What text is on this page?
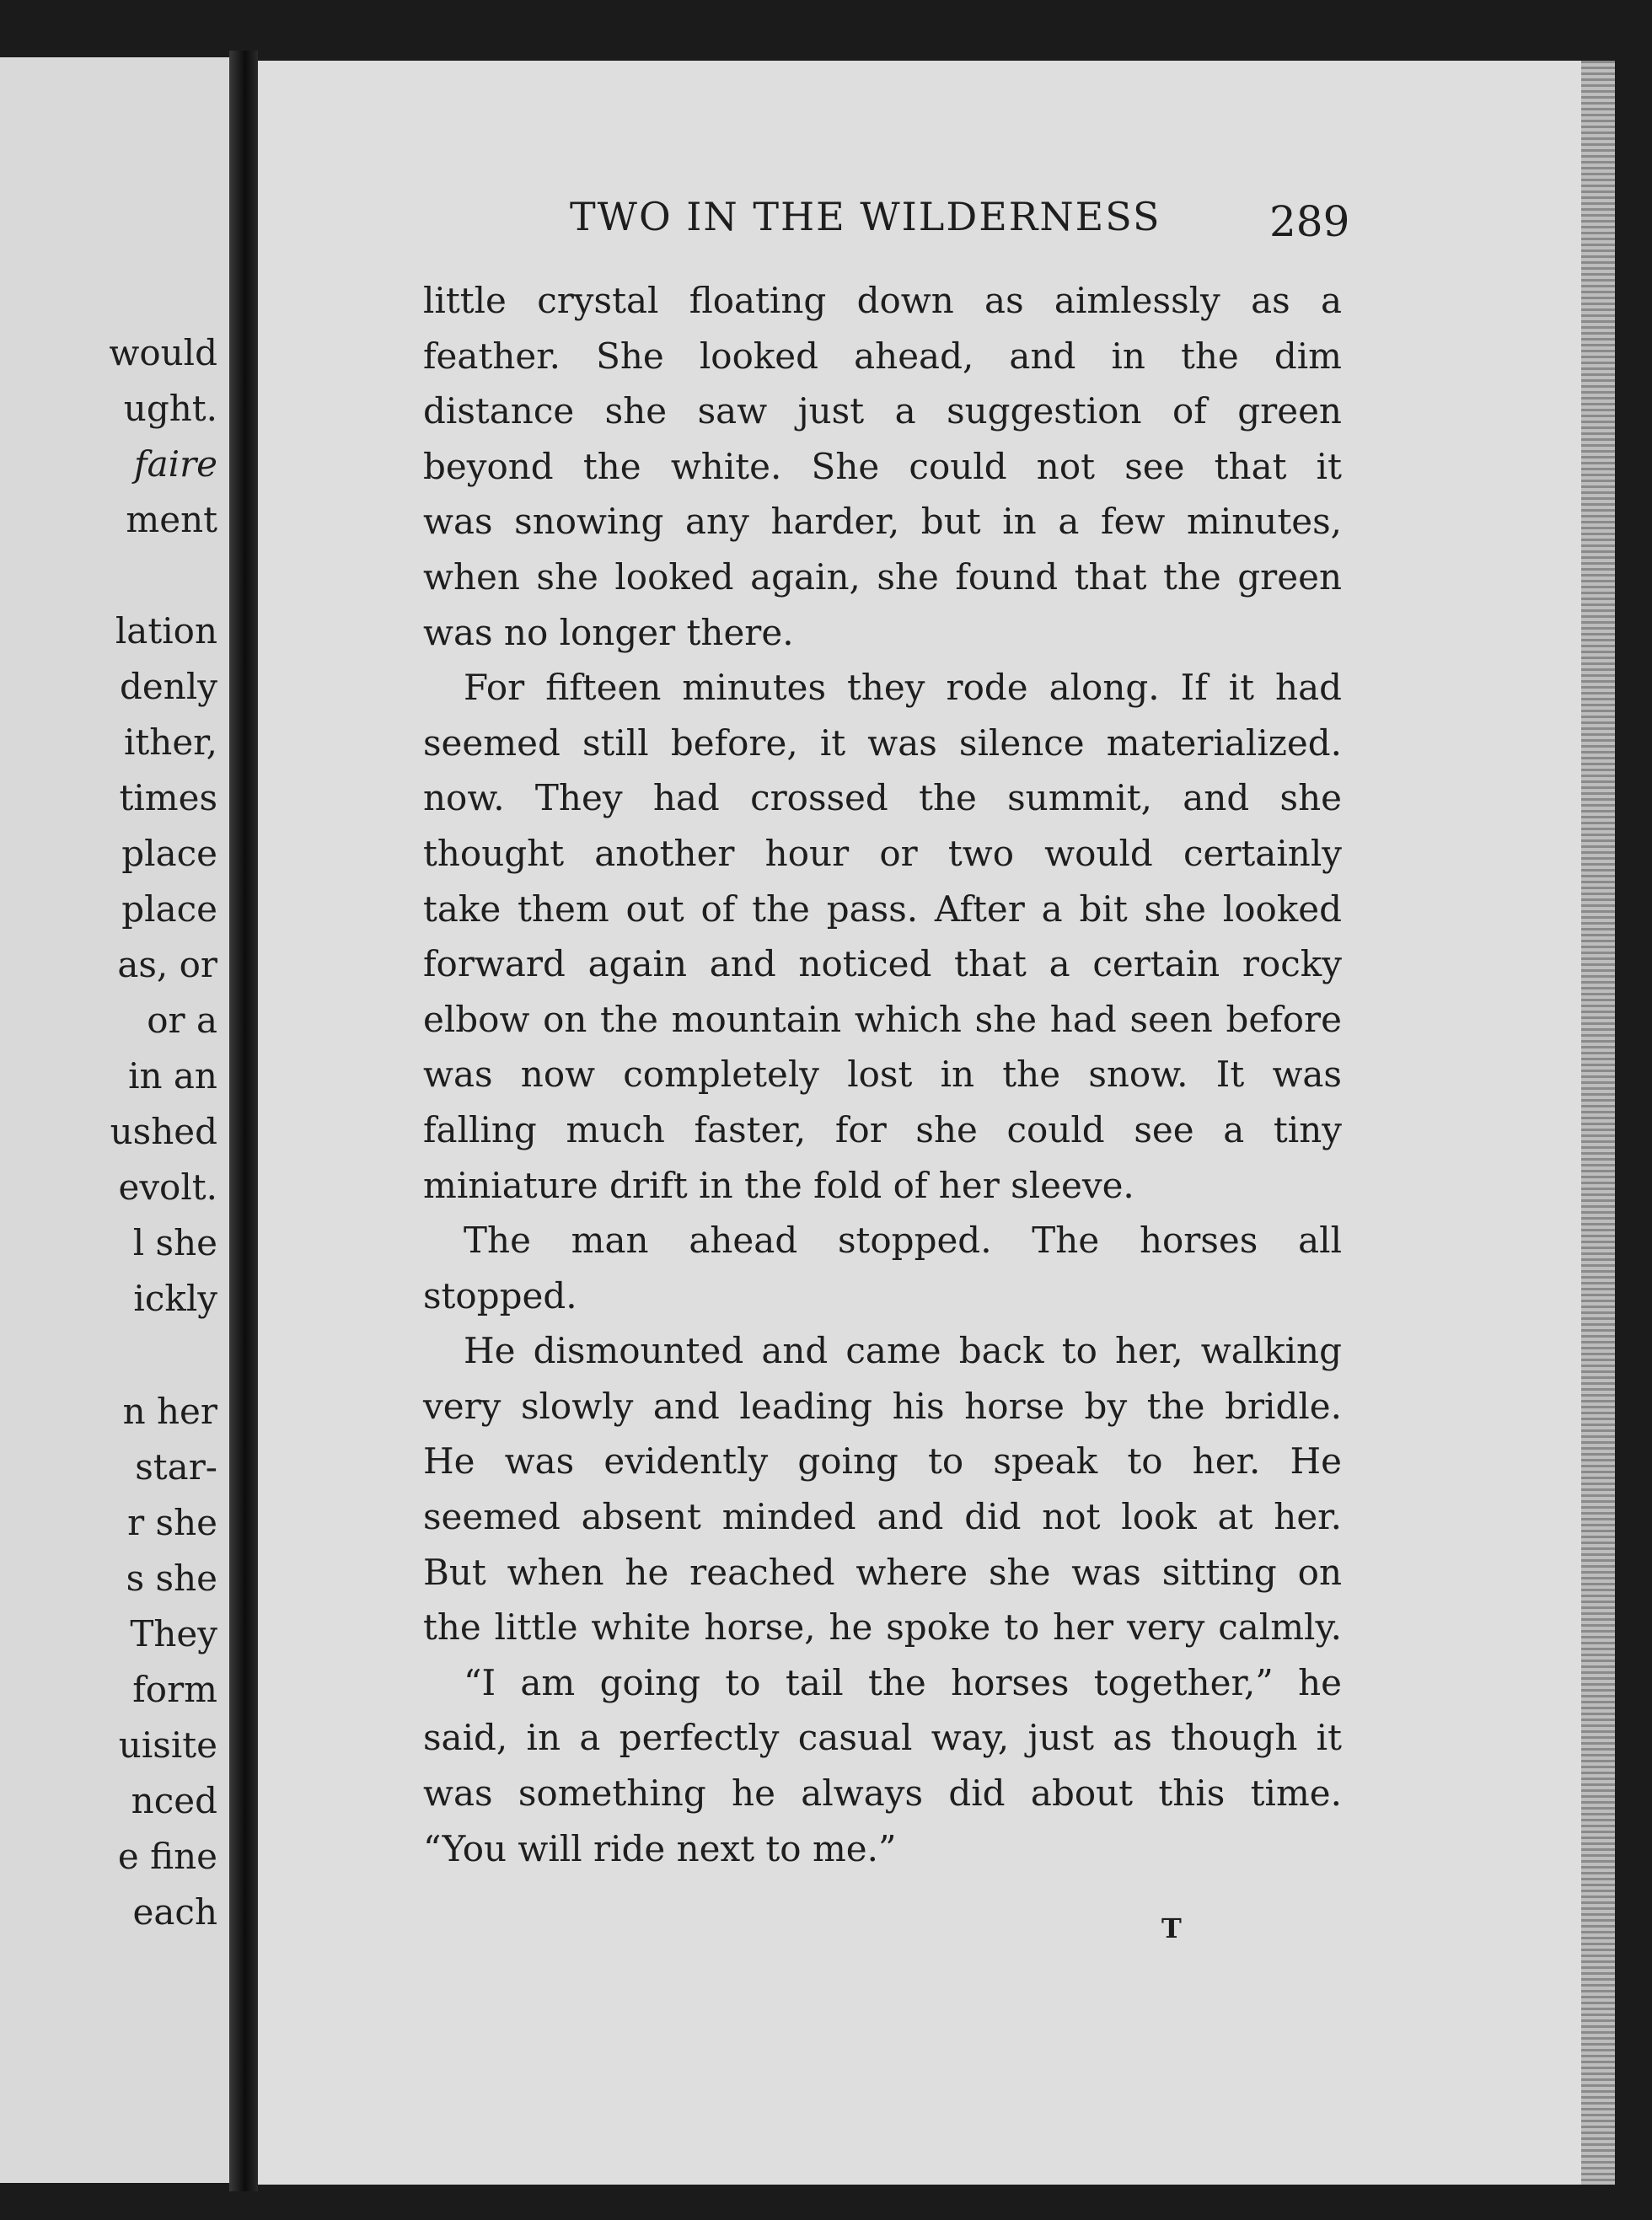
would
ught.
faire
ment
lation
denly
ither,
times
place
place
as, or
or a
in an
ushed
evolt.
l she
ickly
n her
star-
r she
s she
They
form
uisite
nced
e fine
each
TWO IN THE WILDERNESS	289
little crystal floating down as aimlessly as a
feather. She looked ahead, and in the dim
distance she saw just a suggestion of green
beyond the white. She could not see that it
was snowing any harder, but in a few minutes,
when she looked again, she found that the green
was no longer there.
For fifteen minutes they rode along. If it had
seemed still before, it was silence materialized.
now. They had crossed the summit, and she
thought another hour or two would certainly
take them out of the pass. After a bit she looked
forward again and noticed that a certain rocky
elbow on the mountain which she had seen before
was now completely lost in the snow. It was
falling much faster, for she could see a tiny
miniature drift in the fold of her sleeve.
The man ahead stopped. The horses all
stopped.
He dismounted and came back to her, walking
very slowly and leading his horse by the bridle.
He was evidently going to speak to her. He
seemed absent minded and did not look at her.
But when he reached where she was sitting on
the little white horse, he spoke to her very calmly.
“I am going to tail the horses together,” he
said, in a perfectly casual way, just as though it
was something he always did about this time.
“You will ride next to me.”
T
